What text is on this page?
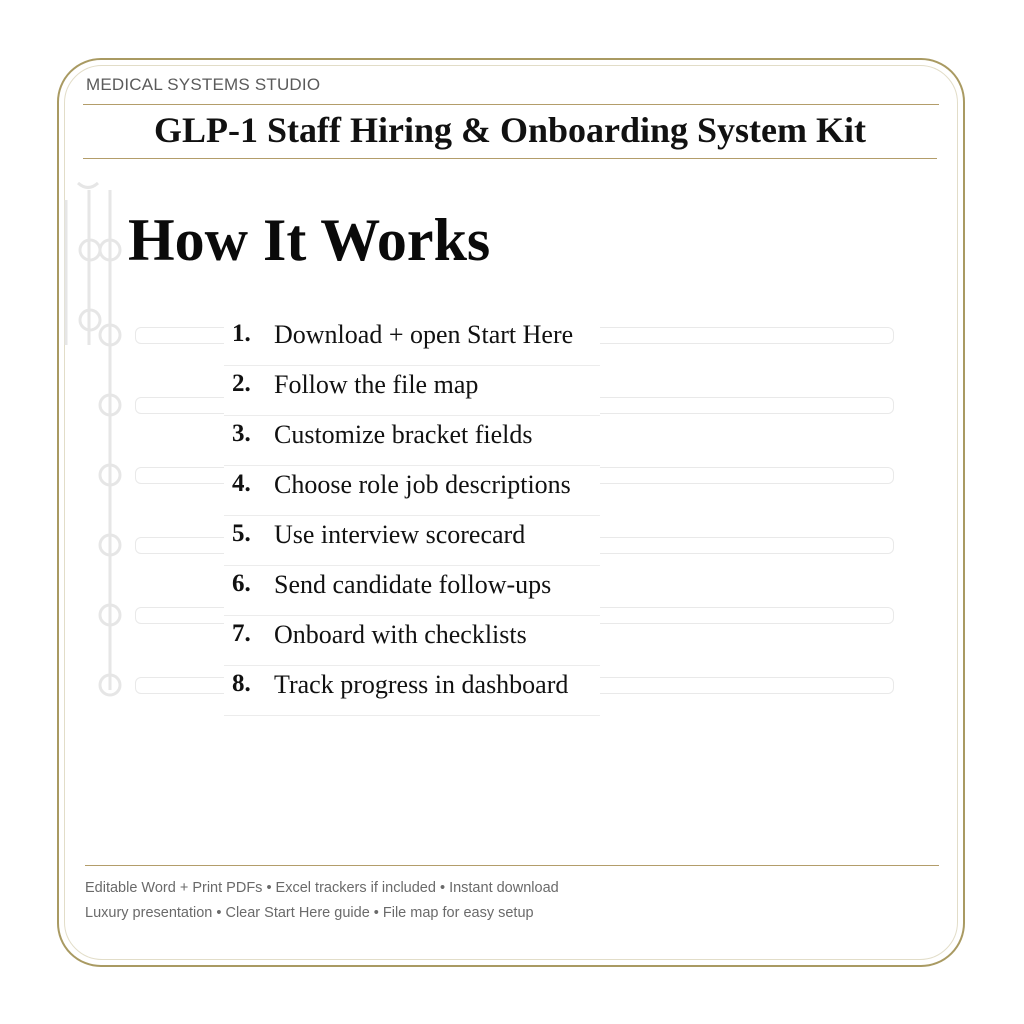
MEDICAL SYSTEMS STUDIO
GLP-1 Staff Hiring & Onboarding System Kit
How It Works
1. Download + open Start Here
2. Follow the file map
3. Customize bracket fields
4. Choose role job descriptions
5. Use interview scorecard
6. Send candidate follow-ups
7. Onboard with checklists
8. Track progress in dashboard
Editable Word + Print PDFs • Excel trackers if included • Instant download
Luxury presentation • Clear Start Here guide • File map for easy setup
